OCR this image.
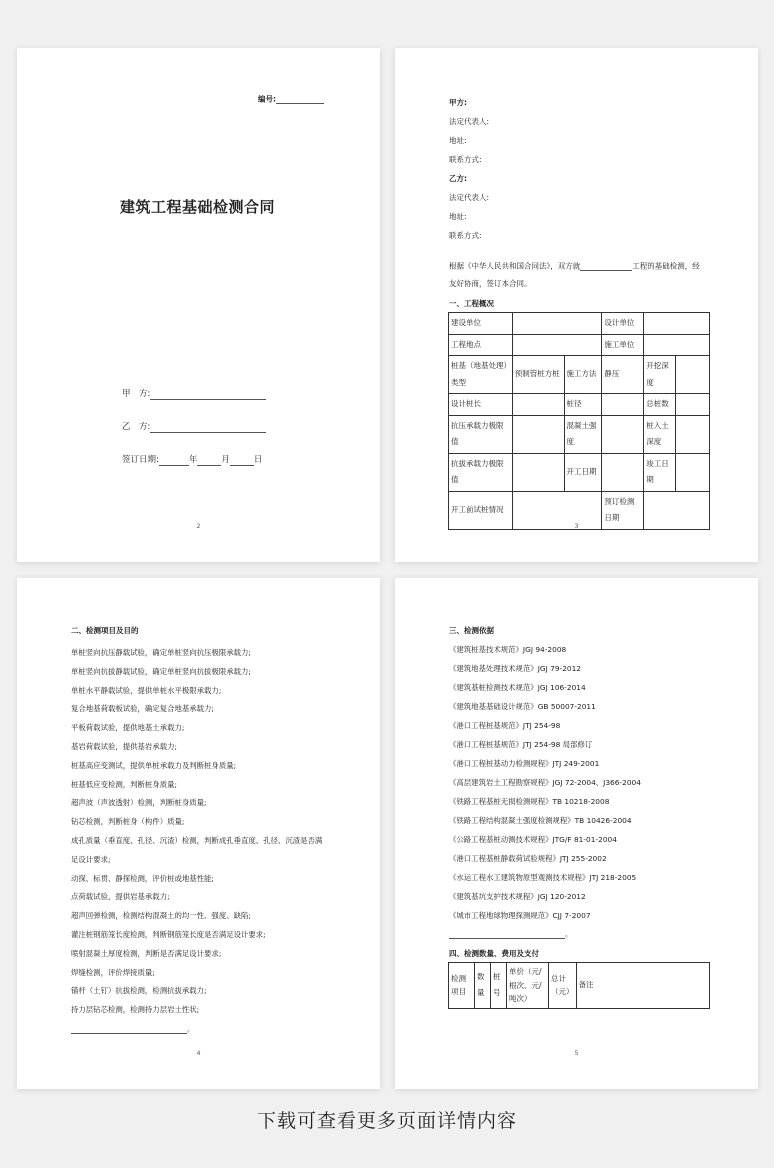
编号:
建筑工程基础检测合同
甲　方:
乙　方:
签订日期:	年	月	日
2
甲方:
法定代表人:
地址:
联系方式:
乙方:
法定代表人:
地址:
联系方式:
根据《中华人民共和国合同法》，双方就	工程的基础检测，经
友好协商，签订本合同。
一、工程概况
建设单位			设计单位		
工程地点			施工单位		
桩基（地基处理）类型	预制管桩方桩	施工方法	静压	开挖深度	
设计桩长		桩径		总桩数	
抗压承载力极限值		混凝土强度		桩入土深度	
抗拔承载力极限值		开工日期		竣工日期	
开工前试桩情况			预订检测日期		
3
二、检测项目及目的
单桩竖向抗压静载试验，确定单桩竖向抗压极限承载力;
单桩竖向抗拔静载试验，确定单桩竖向抗拔极限承载力;
单桩水平静载试验，提供单桩水平极限承载力;
复合地基荷载板试验，确定复合地基承载力;
平板荷载试验，提供地基土承载力;
基岩荷载试验，提供基岩承载力;
桩基高应变测试，提供单桩承载力及判断桩身质量;
桩基低应变检测，判断桩身质量;
超声波（声波透射）检测，判断桩身质量;
钻芯检测，判断桩身（构件）质量;
成孔质量（垂直度、孔径、沉渣）检测，判断成孔垂直度、孔径、沉渣是否满
足设计要求;
动探、标贯、静探检测，评价桩或地基性能;
点荷载试验，提供岩基承载力;
超声回弹检测，检测结构混凝土的均一性、强度、缺陷;
灌注桩钢筋笼长度检测，判断钢筋笼长度是否满足设计要求;
喷射混凝土厚度检测，判断是否满足设计要求;
焊缝检测，评价焊接质量;
锚杆（土钉）抗拔检测，检测抗拔承载力;
持力层钻芯检测，检测持力层岩土性状;
。
4
三、检测依据
《建筑桩基技术规范》JGJ 94-2008
《建筑地基处理技术规范》JGJ 79-2012
《建筑基桩检测技术规范》JGJ 106-2014
《建筑地基基础设计规范》GB 50007-2011
《港口工程桩基规范》JTJ 254-98
《港口工程桩基规范》JTJ 254-98 局部修订
《港口工程桩基动力检测规程》JTJ 249-2001
《高层建筑岩土工程勘察规程》JGJ 72-2004、J366-2004
《铁路工程基桩无损检测规程》TB 10218-2008
《铁路工程结构混凝土强度检测规程》TB 10426-2004
《公路工程基桩动测技术规程》JTG/F 81-01-2004
《港口工程基桩静载荷试验规程》JTJ 255-2002
《水运工程水工建筑物原型观测技术规程》JTJ 218-2005
《建筑基坑支护技术规程》JGJ 120-2012
《城市工程地球物理探测规范》CJJ 7-2007
。
四、检测数量、费用及支付
检测项目	数量	桩号	单价（元/根次、元/吨次）	总计（元）	备注
5
下载可查看更多页面详情内容
